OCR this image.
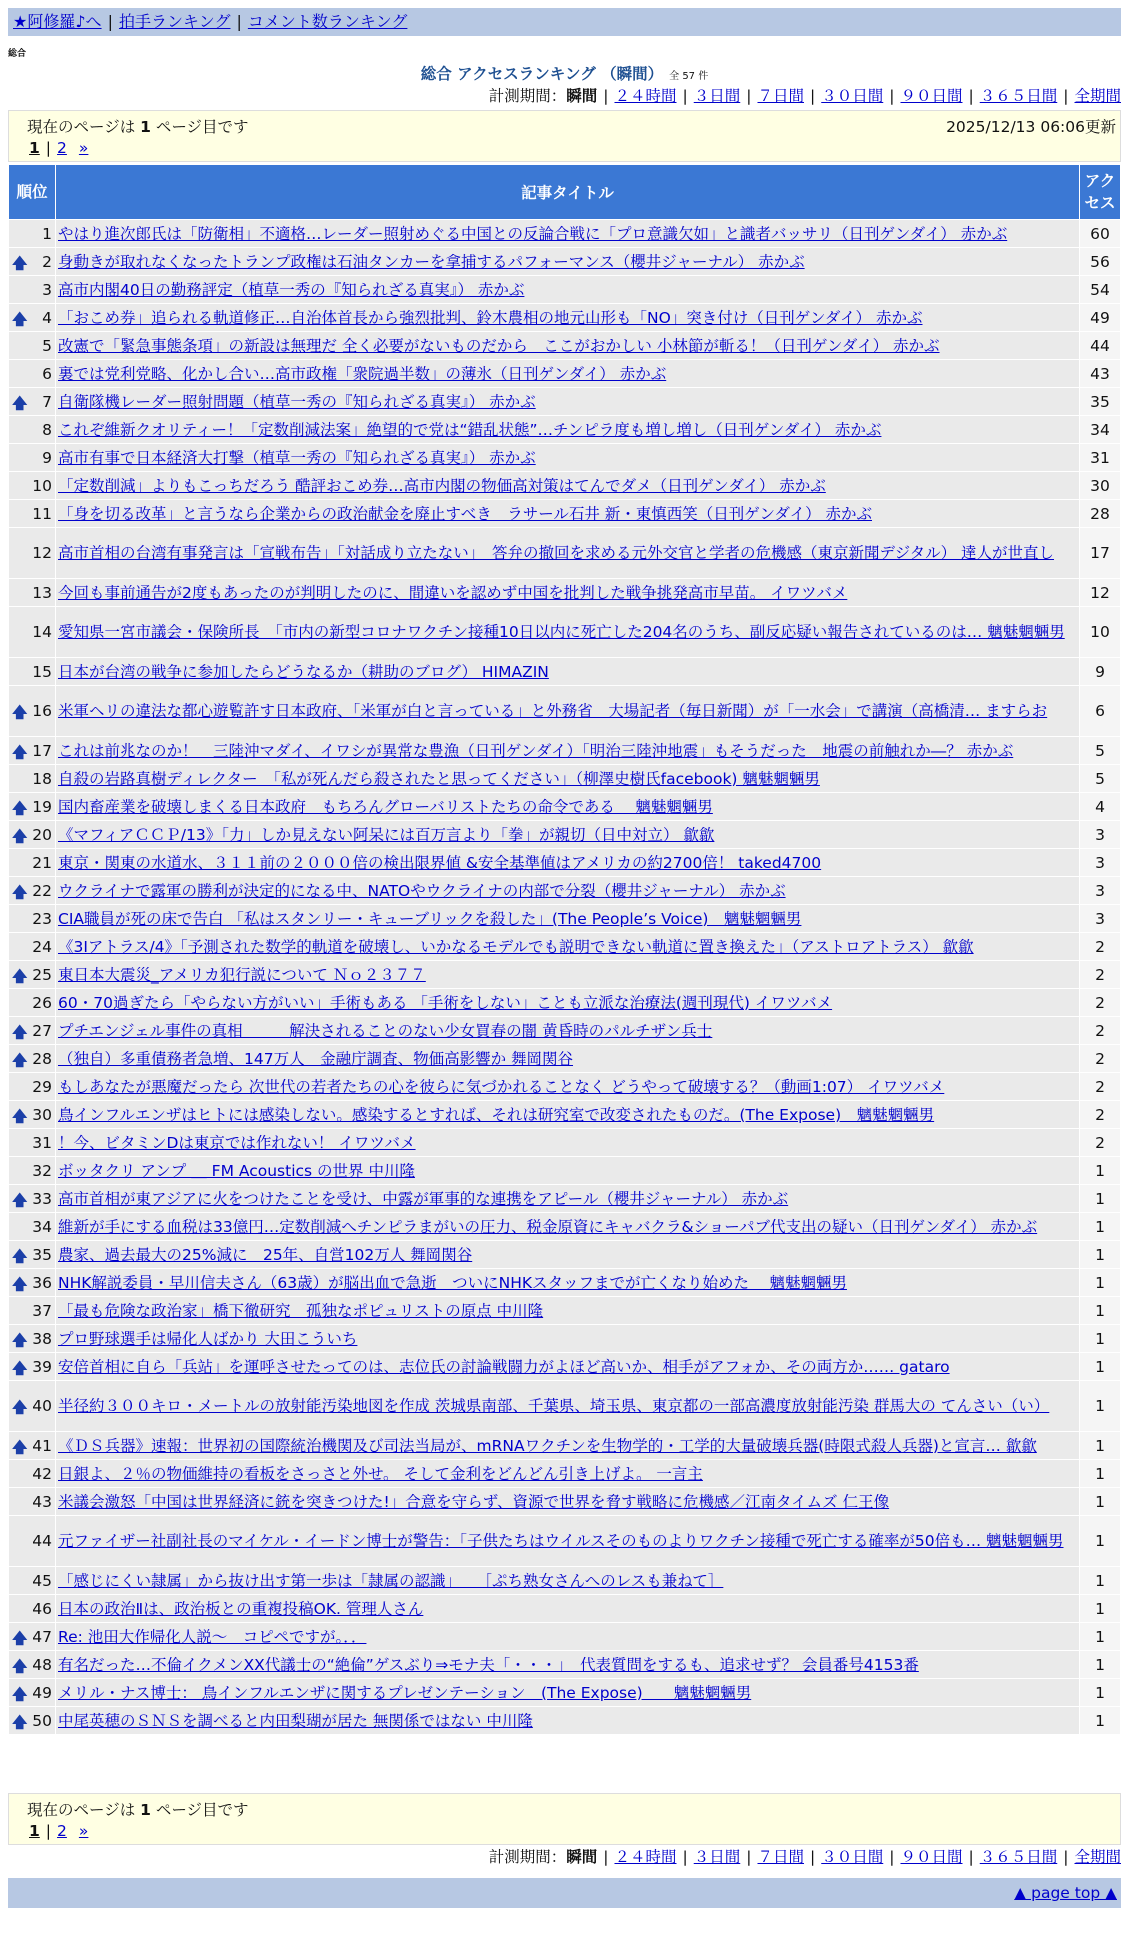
★阿修羅♪へ | 拍手ランキング | コメント数ランキング
総合
総合 アクセスランキング （瞬間） 全 57 件
計測期間：瞬間 | ２４時間 | ３日間 | ７日間 | ３０日間 | ９０日間 | ３６５日間 | 全期間
現在のページは 1 ページ目です	2025/12/13 06:06更新
1 | 2 »
順位	記事タイトル	アクセス
1	やはり進次郎氏は「防衛相」不適格…レーダー照射めぐる中国との反論合戦に「プロ意識欠如」と識者バッサリ（日刊ゲンダイ） 赤かぶ	60

🡅 2	身動きが取れなくなったトランプ政権は石油タンカーを拿捕するパフォーマンス（櫻井ジャーナル） 赤かぶ	56
3	高市内閣40日の勤務評定（植草一秀の『知られざる真実』） 赤かぶ	54

🡅 4	「おこめ券」追られる軌道修正…自治体首長から強烈批判、鈴木農相の地元山形も「NO」突き付け（日刊ゲンダイ） 赤かぶ	49
5	改憲で「緊急事態条項」の新設は無理だ 全く必要がないものだから　ここがおかしい 小林節が斬る！（日刊ゲンダイ） 赤かぶ	44
6	裏では党利党略、化かし合い…高市政権「衆院過半数」の薄氷（日刊ゲンダイ） 赤かぶ	43

🡅 7	自衛隊機レーダー照射問題（植草一秀の『知られざる真実』） 赤かぶ	35
8	これぞ維新クオリティー！「定数削減法案」絶望的で党は“錯乱状態”…チンピラ度も増し増し（日刊ゲンダイ） 赤かぶ	34
9	高市有事で日本経済大打撃（植草一秀の『知られざる真実』） 赤かぶ	31
10	「定数削減」よりもこっちだろう 酷評おこめ券…高市内閣の物価高対策はてんでダメ（日刊ゲンダイ） 赤かぶ	30
11	「身を切る改革」と言うなら企業からの政治献金を廃止すべき　ラサール石井 新・東慎西笑（日刊ゲンダイ） 赤かぶ	28
12	高市首相の台湾有事発言は「宣戦布告」「対話成り立たない」　答弁の撤回を求める元外交官と学者の危機感（東京新聞デジタル） 達人が世直し	17
13	今回も事前通告が2度もあったのが判明したのに、間違いを認めず中国を批判した戦争挑発高市早苗。 イワツバメ	12
14	愛知県一宮市議会・保険所長　「市内の新型コロナワクチン接種10日以内に死亡した204名のうち、副反応疑い報告されているのは… 魑魅魍魎男	10
15	日本が台湾の戦争に参加したらどうなるか（耕助のブログ） HIMAZIN	9

🡅 16	米軍ヘリの違法な都心遊覧許す日本政府、「米軍が白と言っている」と外務省　大場記者（毎日新聞）が「一水会」で講演（高橋清… ますらお	6

🡅 17	これは前兆なのか！　三陸沖マダイ、イワシが異常な豊漁（日刊ゲンダイ）「明治三陸沖地震」もそうだった　地震の前触れか―？ 赤かぶ	5
18	自殺の岩路真樹ディレクター　「私が死んだら殺されたと思ってください」（柳澤史樹氏facebook) 魑魅魍魎男	5

🡅 19	国内畜産業を破壊しまくる日本政府　もちろんグローバリストたちの命令である　 魑魅魍魎男	4

🡅 20	《マフィアＣＣＰ/13》「力」しか見えない阿呆には百万言より「拳」が親切（日中対立） 歙歙	3
21	東京・関東の水道水、３１１前の２０００倍の検出限界値 &安全基準値はアメリカの約2700倍！ taked4700	3

🡅 22	ウクライナで露軍の勝利が決定的になる中、NATOやウクライナの内部で分裂（櫻井ジャーナル） 赤かぶ	3
23	CIA職員が死の床で告白 「私はスタンリー・キューブリックを殺した」(The People’s Voice)　魑魅魍魎男	3
24	《3Iアトラス/4》「予測された数学的軌道を破壊し、いかなるモデルでも説明できない軌道に置き換えた」（アストロアトラス） 歙歙	2

🡅 25	東日本大震災_アメリカ犯行説について Ｎｏ２３７７	2
26	60・70過ぎたら「やらない方がいい」手術もある 「手術をしない」ことも立派な治療法(週刊現代) イワツバメ	2

🡅 27	プチエンジェル事件の真相　　　解決されることのない少女買春の闇 黄昏時のパルチザン兵士	2

🡅 28	（独自）多重債務者急増、147万人　金融庁調査、物価高影響か 舞岡関谷	2
29	もしあなたが悪魔だったら 次世代の若者たちの心を彼らに気づかれることなく どうやって破壊する？（動画1:07） イワツバメ	2

🡅 30	鳥インフルエンザはヒトには感染しない。感染するとすれば、それは研究室で改変されたものだ。(The Expose)　魑魅魍魎男	2
31	！今、ビタミンDは東京では作れない！ イワツバメ	2
32	ボッタクリ アンプ ＿ FM Acoustics の世界 中川隆	1

🡅 33	高市首相が東アジアに火をつけたことを受け、中露が軍事的な連携をアピール（櫻井ジャーナル） 赤かぶ	1
34	維新が手にする血税は33億円…定数削減へチンピラまがいの圧力、税金原資にキャバクラ&ショーパブ代支出の疑い（日刊ゲンダイ） 赤かぶ	1

🡅 35	農家、過去最大の25%減に　25年、自営102万人 舞岡関谷	1

🡅 36	NHK解説委員・早川信夫さん（63歳）が脳出血で急逝　ついにNHKスタッフまでが亡くなり始めた　 魑魅魍魎男	1
37	「最も危険な政治家」橋下徹研究　孤独なポピュリストの原点 中川隆	1

🡅 38	プロ野球選手は帰化人ばかり 大田こういち	1

🡅 39	安倍首相に自ら「兵站」を運呼させたってのは、志位氏の討論戦闘力がよほど高いか、相手がアフォか、その両方か…… gataro	1

🡅 40	半径約３００キロ・メートルの放射能汚染地図を作成 茨城県南部、千葉県、埼玉県、東京都の一部高濃度放射能汚染 群馬大の てんさい（い）	1

🡅 41	《ＤＳ兵器》速報：世界初の国際統治機関及び司法当局が、mRNAワクチンを生物学的・工学的大量破壊兵器(時限式殺人兵器)と宣言… 歙歙	1
42	日銀よ、２％の物価維持の看板をさっさと外せ。 そして金利をどんどん引き上げよ。 一言主	1
43	米議会激怒「中国は世界経済に銃を突きつけた!」合意を守らず、資源で世界を脅す戦略に危機感／江南タイムズ 仁王像	1
44	元ファイザー社副社長のマイケル・イードン博士が警告：「子供たちはウイルスそのものよりワクチン接種で死亡する確率が50倍も… 魑魅魍魎男	1
45	「感じにくい隷属」から抜け出す第一歩は「隷属の認識」　　［ぷち熟女さんへのレスも兼ねて］	1
46	日本の政治Ⅱは、政治板との重複投稿OK. 管理人さん	1

🡅 47	Re: 池田大作帰化人説～　コピペですが。．．	1

🡅 48	有名だった…不倫イクメンXX代議士の“絶倫”ゲスぶり⇒モナ夫「・・・」　代表質問をするも、追求せず？ 会員番号4153番	1

🡅 49	メリル・ナス博士： 鳥インフルエンザに関するプレゼンテーション　(The Expose)　　魑魅魍魎男	1

🡅 50	中尾英穂のＳＮＳを調べると内田梨瑚が居た 無関係ではない 中川隆	1
現在のページは 1 ページ目です
1 | 2 »
計測期間：瞬間 | ２４時間 | ３日間 | ７日間 | ３０日間 | ９０日間 | ３６５日間 | 全期間
▲ page top ▲
